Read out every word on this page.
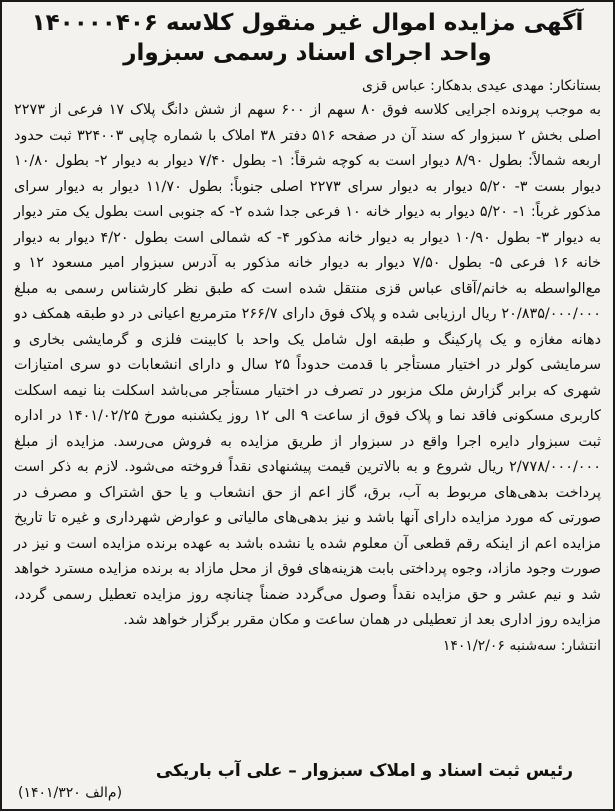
آگهی مزایده اموال غیر منقول کلاسه ۱۴۰۰۰۰۴۰۶
واحد اجرای اسناد رسمی سبزوار

بستانکار: مهدی عیدی بدهکار: عباس قزی

به موجب پرونده اجرایی کلاسه فوق ۸۰ سهم از ۶۰۰ سهم از شش دانگ پلاک ۱۷ فرعی از ۲۲۷۳ اصلی بخش ۲ سبزوار که سند آن در صفحه ۵۱۶ دفتر ۳۸ املاک با شماره چاپی ۳۲۴۰۰۳ ثبت حدود اربعه شمالاً: بطول ۸/۹۰ دیوار است به کوچه شرقاً: ۱- بطول ۷/۴۰ دیوار به دیوار ۲- بطول ۱۰/۸۰ دیوار بست ۳- ۵/۲۰ دیوار به دیوار سرای ۲۲۷۳ اصلی جنوباً: بطول ۱۱/۷۰ دیوار به دیوار سرای مذکور غرباً: ۱- ۵/۲۰ دیوار به دیوار خانه ۱۰ فرعی جدا شده ۲- که جنوبی است بطول یک متر دیوار به دیوار ۳- بطول ۱۰/۹۰ دیوار به دیوار خانه مذکور ۴- که شمالی است بطول ۴/۲۰ دیوار به دیوار خانه ۱۶ فرعی ۵- بطول ۷/۵۰ دیوار به دیوار خانه مذکور به آدرس سبزوار امیر مسعود ۱۲ و مع‌الواسطه به خانم/آقای عباس قزی منتقل شده است که طبق نظر کارشناس رسمی به مبلغ ۲۰/۸۳۵/۰۰۰/۰۰۰ ریال ارزیابی شده و پلاک فوق دارای ۲۶۶/۷ مترمربع اعیانی در دو طبقه همکف دو دهانه مغازه و یک پارکینگ و طبقه اول شامل یک واحد با کابینت فلزی و گرمایشی بخاری و سرمایشی کولر در اختیار مستأجر با قدمت حدوداً ۲۵ سال و دارای انشعابات دو سری امتیازات شهری که برابر گزارش ملک مزبور در تصرف در اختیار مستأجر می‌باشد اسکلت بنا نیمه اسکلت کاربری مسکونی فاقد نما و پلاک فوق از ساعت ۹ الی ۱۲ روز یکشنبه مورخ ۱۴۰۱/۰۲/۲۵ در اداره ثبت سبزوار دایره اجرا واقع در سبزوار از طریق مزایده به فروش می‌رسد. مزایده از مبلغ ۲/۷۷۸/۰۰۰/۰۰۰ ریال شروع و به بالاترین قیمت پیشنهادی نقداً فروخته می‌شود. لازم به ذکر است پرداخت بدهی‌های مربوط به آب، برق، گاز اعم از حق انشعاب و یا حق اشتراک و مصرف در صورتی که مورد مزایده دارای آنها باشد و نیز بدهی‌های مالیاتی و عوارض شهرداری و غیره تا تاریخ مزایده اعم از اینکه رقم قطعی آن معلوم شده یا نشده باشد به عهده برنده مزایده است و نیز در صورت وجود مازاد، وجوه پرداختی بابت هزینه‌های فوق از محل مازاد به برنده مزایده مسترد خواهد شد و نیم عشر و حق مزایده نقداً وصول می‌گردد ضمناً چنانچه روز مزایده تعطیل رسمی گردد، مزایده روز اداری بعد از تعطیلی در همان ساعت و مکان مقرر برگزار خواهد شد.

انتشار: سه‌شنبه ۱۴۰۱/۲/۰۶

رئیس ثبت اسناد و املاک سبزوار – علی آب باریکی
(م‌الف ۱۴۰۱/۳۲۰)
